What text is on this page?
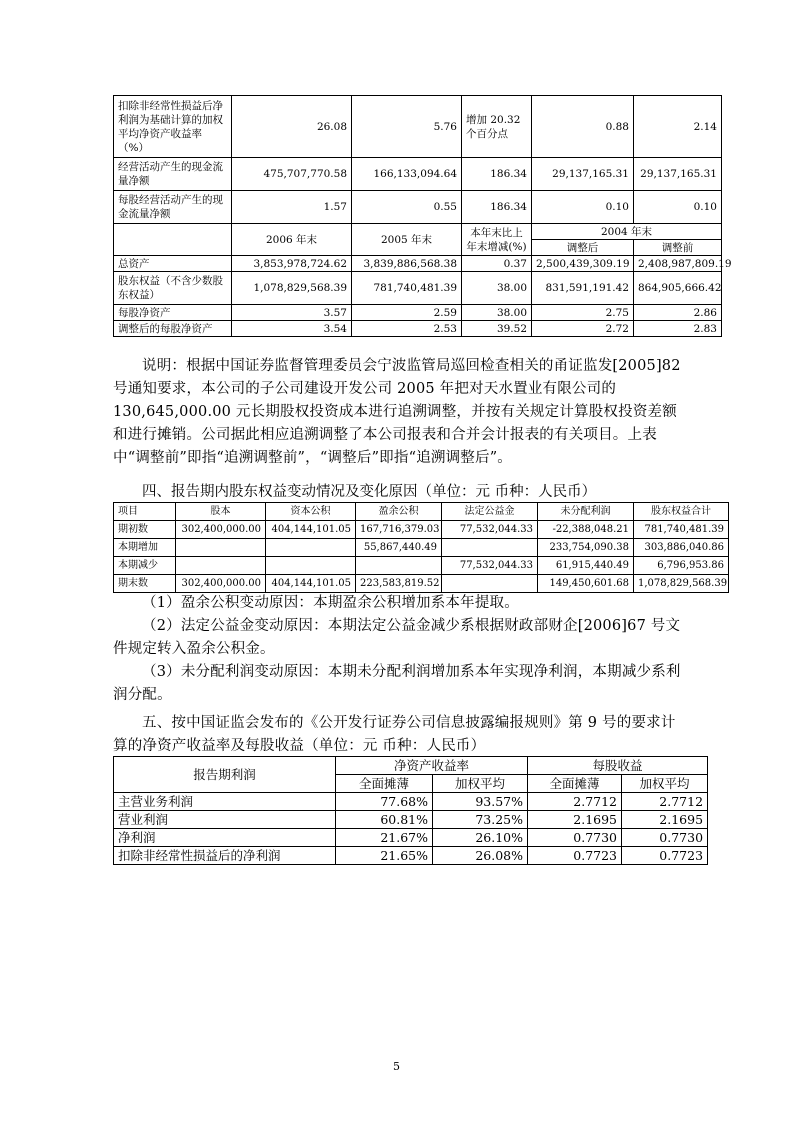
扣除非经常性损益后净利润为基础计算的加权平均净资产收益率（%）	26.08	5.76	增加 20.32 个百分点	0.88	2.14
经营活动产生的现金流量净额	475,707,770.58	166,133,094.64	186.34	29,137,165.31	29,137,165.31
每股经营活动产生的现金流量净额	1.57	0.55	186.34	0.10	0.10
	2006 年末	2005 年末	本年末比上年末增减(%)	2004 年末	
				调整后	调整前
总资产	3,853,978,724.62	3,839,886,568.38	0.37	2,500,439,309.19	2,408,987,809.19
股东权益（不含少数股东权益）	1,078,829,568.39	781,740,481.39	38.00	831,591,191.42	864,905,666.42
每股净资产	3.57	2.59	38.00	2.75	2.86
调整后的每股净资产	3.54	2.53	39.52	2.72	2.83

说明：根据中国证券监督管理委员会宁波监管局巡回检查相关的甬证监发[2005]82 号通知要求，本公司的子公司建设开发公司 2005 年把对天水置业有限公司的 130,645,000.00 元长期股权投资成本进行追溯调整，并按有关规定计算股权投资差额和进行摊销。公司据此相应追溯调整了本公司报表和合并会计报表的有关项目。上表中“调整前”即指“追溯调整前”，“调整后”即指“追溯调整后”。

四、报告期内股东权益变动情况及变化原因（单位：元 币种：人民币）
项目	股本	资本公积	盈余公积	法定公益金	未分配利润	股东权益合计
期初数	302,400,000.00	404,144,101.05	167,716,379.03	77,532,044.33	-22,388,048.21	781,740,481.39
本期增加			55,867,440.49		233,754,090.38	303,886,040.86
本期减少				77,532,044.33	61,915,440.49	6,796,953.86
期末数	302,400,000.00	404,144,101.05	223,583,819.52		149,450,601.68	1,078,829,568.39

（1）盈余公积变动原因：本期盈余公积增加系本年提取。

（2）法定公益金变动原因：本期法定公益金减少系根据财政部财企[2006]67 号文件规定转入盈余公积金。

（3）未分配利润变动原因：本期未分配利润增加系本年实现净利润，本期减少系利润分配。

五、按中国证监会发布的《公开发行证券公司信息披露编报规则》第 9 号的要求计算的净资产收益率及每股收益（单位：元 币种：人民币）

报告期利润	净资产收益率		每股收益	
	全面摊薄	加权平均	全面摊薄	加权平均
主营业务利润	77.68%	93.57%	2.7712	2.7712
营业利润	60.81%	73.25%	2.1695	2.1695
净利润	21.67%	26.10%	0.7730	0.7730
扣除非经常性损益后的净利润	21.65%	26.08%	0.7723	0.7723
5
